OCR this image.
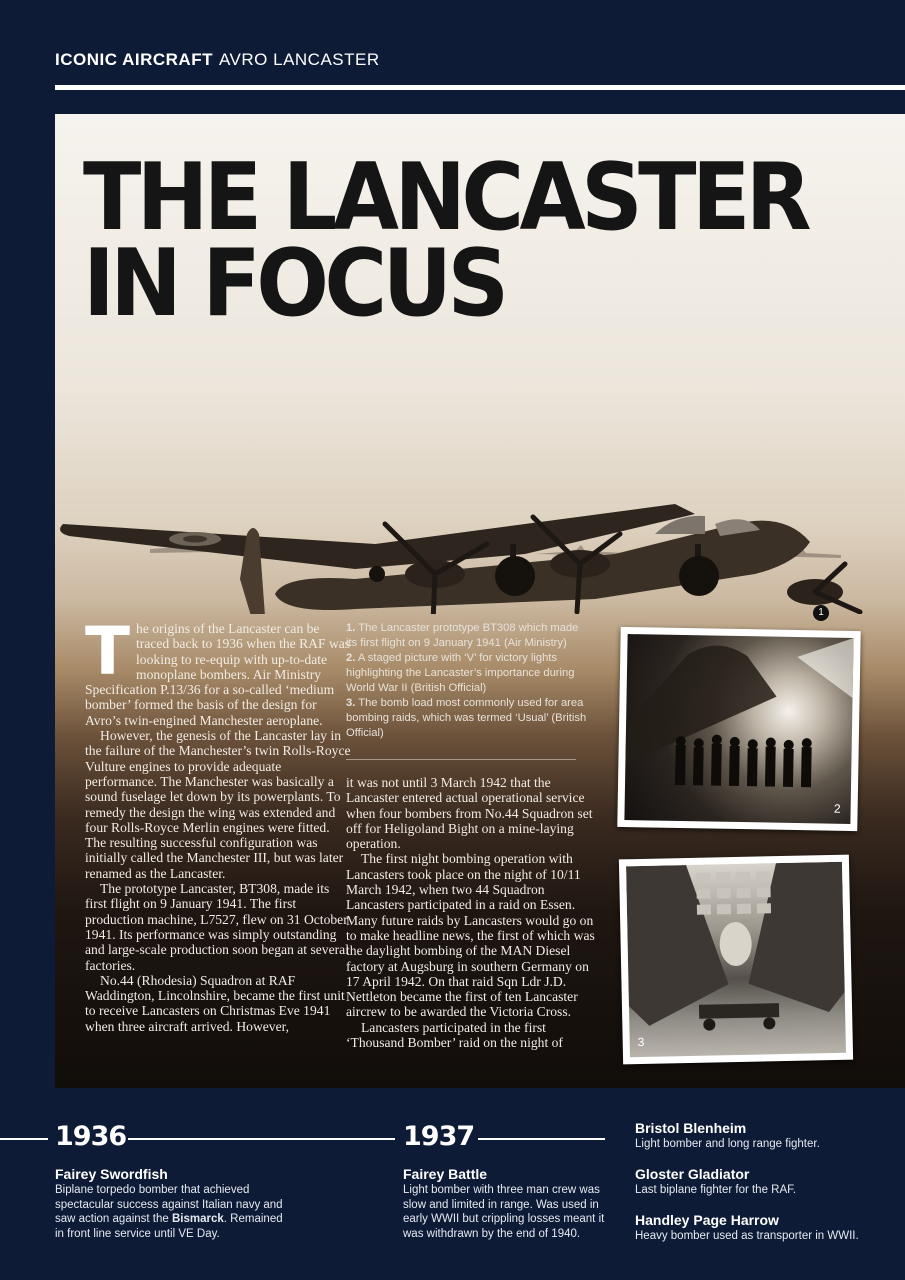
ICONIC AIRCRAFT AVRO LANCASTER
THE LANCASTER
IN FOCUS
1
T he origins of the Lancaster can be traced back to 1936 when the RAF was looking to re-equip with up-to-date monoplane bombers. Air Ministry Specification P.13/36 for a so-called ‘medium bomber’ formed the basis of the design for Avro’s twin-engined Manchester aeroplane.

However, the genesis of the Lancaster lay in the failure of the Manchester’s twin Rolls-Royce Vulture engines to provide adequate performance. The Manchester was basically a sound fuselage let down by its powerplants. To remedy the design the wing was extended and four Rolls-Royce Merlin engines were fitted. The resulting successful configuration was initially called the Manchester III, but was later renamed as the Lancaster.

The prototype Lancaster, BT308, made its first flight on 9 January 1941. The first production machine, L7527, flew on 31 October 1941. Its performance was simply outstanding and large-scale production soon began at several factories.

No.44 (Rhodesia) Squadron at RAF Waddington, Lincolnshire, became the first unit to receive Lancasters on Christmas Eve 1941 when three aircraft arrived. However,

1. The Lancaster prototype BT308 which made its first flight on 9 January 1941 (Air Ministry)

2. A staged picture with ‘V’ for victory lights highlighting the Lancaster’s importance during World War II (British Official)

3. The bomb load most commonly used for area bombing raids, which was termed ‘Usual’ (British Official)

it was not until 3 March 1942 that the Lancaster entered actual operational service when four bombers from No.44 Squadron set off for Heligoland Bight on a mine-laying operation.

The first night bombing operation with Lancasters took place on the night of 10/11 March 1942, when two 44 Squadron Lancasters participated in a raid on Essen. Many future raids by Lancasters would go on to make headline news, the first of which was the daylight bombing of the MAN Diesel factory at Augsburg in southern Germany on 17 April 1942. On that raid Sqn Ldr J.D. Nettleton became the first of ten Lancaster aircrew to be awarded the Victoria Cross.

Lancasters participated in the first ‘Thousand Bomber’ raid on the night of

2
3
1936	1937
Fairey Swordfish
Biplane torpedo bomber that achieved spectacular success against Italian navy and saw action against the Bismarck. Remained in front line service until VE Day.
Fairey Battle
Light bomber with three man crew was slow and limited in range. Was used in early WWII but crippling losses meant it was withdrawn by the end of 1940.
Bristol Blenheim
Light bomber and long range fighter.
Gloster Gladiator
Last biplane fighter for the RAF.
Handley Page Harrow
Heavy bomber used as transporter in WWII.
